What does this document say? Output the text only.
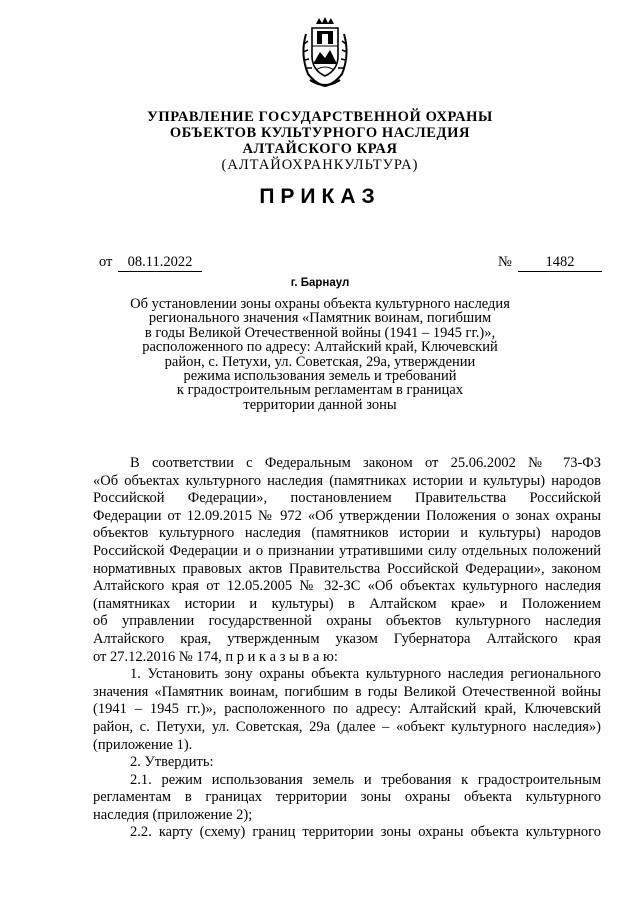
УПРАВЛЕНИЕ ГОСУДАРСТВЕННОЙ ОХРАНЫ
ОБЪЕКТОВ КУЛЬТУРНОГО НАСЛЕДИЯ
АЛТАЙСКОГО КРАЯ
(АЛТАЙОХРАНКУЛЬТУРА)
ПРИКАЗ
от	08.11.2022	№	1482
г. Барнаул
Об установлении зоны охраны объекта культурного наследия
регионального значения «Памятник воинам, погибшим
в годы Великой Отечественной войны (1941 – 1945 гг.)»,
расположенного по адресу: Алтайский край, Ключевский
район, с. Петухи, ул. Советская, 29а, утверждении
режима использования земель и требований
к градостроительным регламентам в границах
территории данной зоны
В соответствии с Федеральным законом от 25.06.2002 № 73-ФЗ
«Об объектах культурного наследия (памятниках истории и культуры) народов
Российской Федерации», постановлением Правительства Российской
Федерации от 12.09.2015 № 972 «Об утверждении Положения о зонах охраны
объектов культурного наследия (памятников истории и культуры) народов
Российской Федерации и о признании утратившими силу отдельных положений
нормативных правовых актов Правительства Российской Федерации», законом
Алтайского края от 12.05.2005 № 32-ЗС «Об объектах культурного наследия
(памятниках истории и культуры) в Алтайском крае» и Положением
об управлении государственной охраны объектов культурного наследия
Алтайского края, утвержденным указом Губернатора Алтайского края
от 27.12.2016 № 174, п р и к а з ы в а ю:
1. Установить зону охраны объекта культурного наследия регионального
значения «Памятник воинам, погибшим в годы Великой Отечественной войны
(1941 – 1945 гг.)», расположенного по адресу: Алтайский край, Ключевский
район, с. Петухи, ул. Советская, 29а (далее – «объект культурного наследия»)
(приложение 1).
2. Утвердить:
2.1. режим использования земель и требования к градостроительным
регламентам в границах территории зоны охраны объекта культурного
наследия (приложение 2);
2.2. карту (схему) границ территории зоны охраны объекта культурного
